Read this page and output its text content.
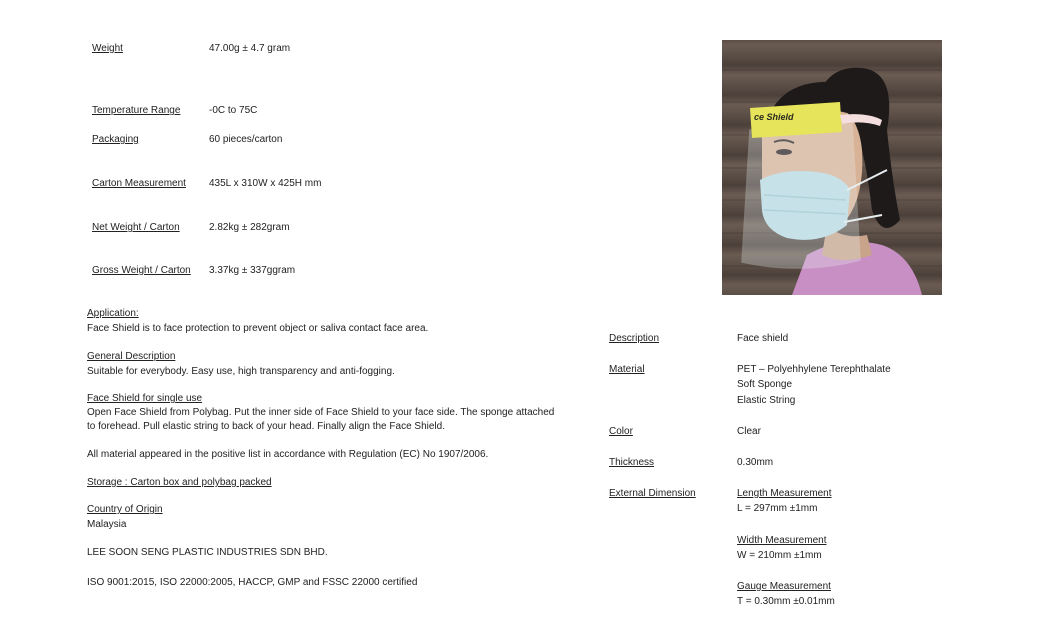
Weight	47.00g ± 4.7 gram
Temperature Range	-0C to 75C
Packaging	60 pieces/carton
Carton Measurement 435L x 310W x 425H mm
Net Weight / Carton	2.82kg ± 282gram
Gross Weight / Carton 3.37kg ± 337ggram
Application:
Face Shield is to face protection to prevent object or saliva contact face area.
General Description
Suitable for everybody. Easy use, high transparency and anti-fogging.
Face Shield for single use
Open Face Shield from Polybag. Put the inner side of Face Shield to your face side. The sponge attached
to forehead. Pull elastic string to back of your head. Finally align the Face Shield.
All material appeared in the positive list in accordance with Regulation (EC) No 1907/2006.
Storage : Carton box and polybag packed
Country of Origin
Malaysia
LEE SOON SENG PLASTIC INDUSTRIES SDN BHD.
ISO 9001:2015, ISO 22000:2005, HACCP, GMP and FSSC 22000 certified
ce Shield
Description	Face shield
Material	PET – Polyehhylene Terephthalate
Soft Sponge
Elastic String
Color	Clear
Thickness	0.30mm
External Dimension	Length Measurement
L = 297mm ±1mm
Width Measurement
W = 210mm ±1mm
Gauge Measurement
T = 0.30mm ±0.01mm
